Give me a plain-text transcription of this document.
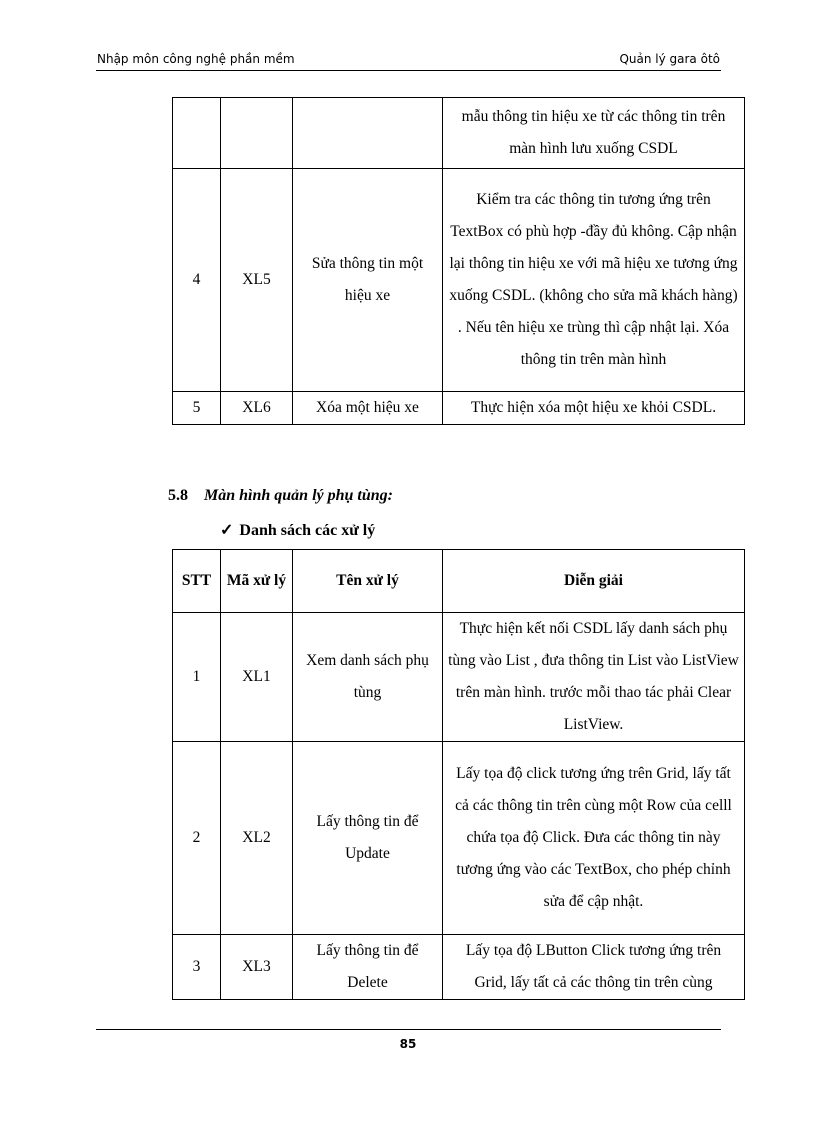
Nhập môn công nghệ phần mềm	Quản lý gara ôtô
			mẫu thông tin hiệu xe từ các thông tin trên màn hình lưu xuống CSDL
4	XL5	Sửa thông tin một hiệu xe	Kiểm tra các thông tin tương ứng trên TextBox có phù hợp -đầy đủ không. Cập nhận lại thông tin hiệu xe với mã hiệu xe tương ứng xuống CSDL. (không cho sửa mã khách hàng) . Nếu tên hiệu xe trùng thì cập nhật lại. Xóa thông tin trên màn hình
5	XL6	Xóa một hiệu xe	Thực hiện xóa một hiệu xe khỏi CSDL.
5.8 Màn hình quản lý phụ tùng:
✓ Danh sách các xử lý
STT	Mã xử lý	Tên xử lý	Diễn giải
1	XL1	Xem danh sách phụ tùng	Thực hiện kết nối CSDL lấy danh sách phụ tùng vào List , đưa thông tin List vào ListView trên màn hình. trước mỗi thao tác phải Clear ListView.
2	XL2	Lấy thông tin để Update	Lấy tọa độ click tương ứng trên Grid, lấy tất cả các thông tin trên cùng một Row của celll chứa tọa độ Click. Đưa các thông tin này tương ứng vào các TextBox, cho phép chỉnh sửa để cập nhật.
3	XL3	Lấy thông tin để Delete	Lấy tọa độ LButton Click tương ứng trên Grid, lấy tất cả các thông tin trên cùng
85
